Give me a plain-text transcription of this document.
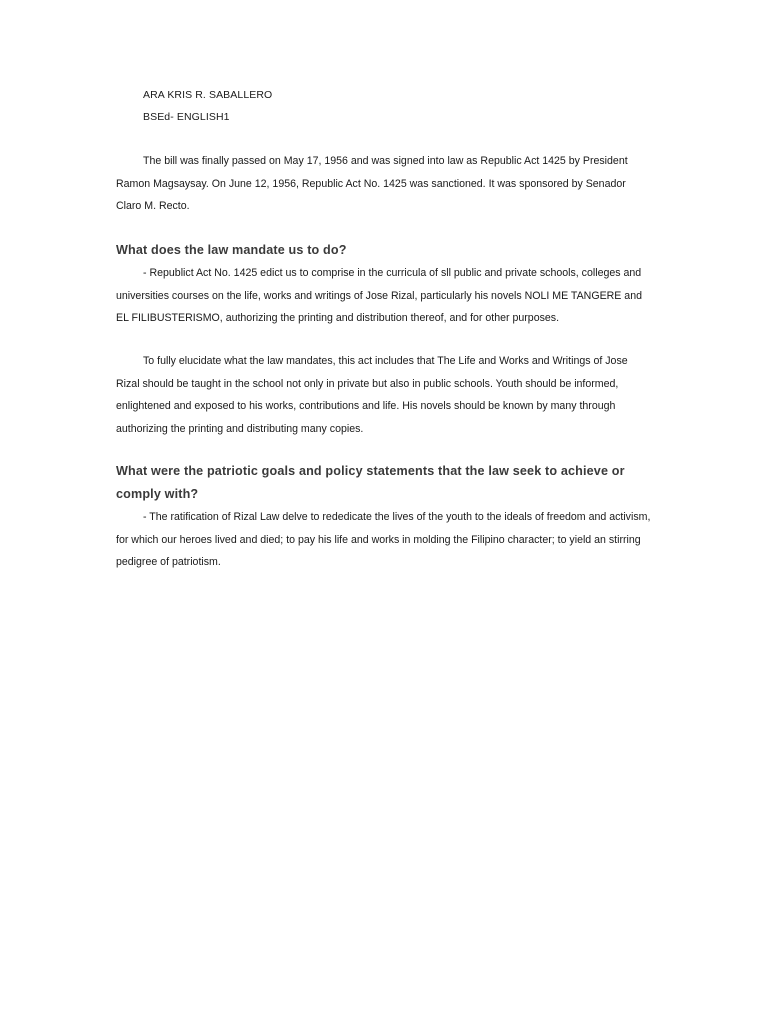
ARA KRIS R. SABALLERO
BSEd- ENGLISH1

The bill was finally passed on May 17, 1956 and was signed into law as Republic Act 1425 by President Ramon Magsaysay. On June 12, 1956, Republic Act No. 1425 was sanctioned. It was sponsored by Senador Claro M. Recto.

What does the law mandate us to do?

- Republict Act No. 1425 edict us to comprise in the curricula of sll public and private schools, colleges and universities courses on the life, works and writings of Jose Rizal, particularly his novels NOLI ME TANGERE and EL FILIBUSTERISMO, authorizing the printing and distribution thereof, and for other purposes.

To fully elucidate what the law mandates, this act includes that The Life and Works and Writings of Jose Rizal should be taught in the school not only in private but also in public schools. Youth should be informed, enlightened and exposed to his works, contributions and life. His novels should be known by many through authorizing the printing and distributing many copies.

What were the patriotic goals and policy statements that the law seek to achieve or comply with?

- The ratification of Rizal Law delve to rededicate the lives of the youth to the ideals of freedom and activism, for which our heroes lived and died; to pay his life and works in molding the Filipino character; to yield an stirring pedigree of patriotism.
